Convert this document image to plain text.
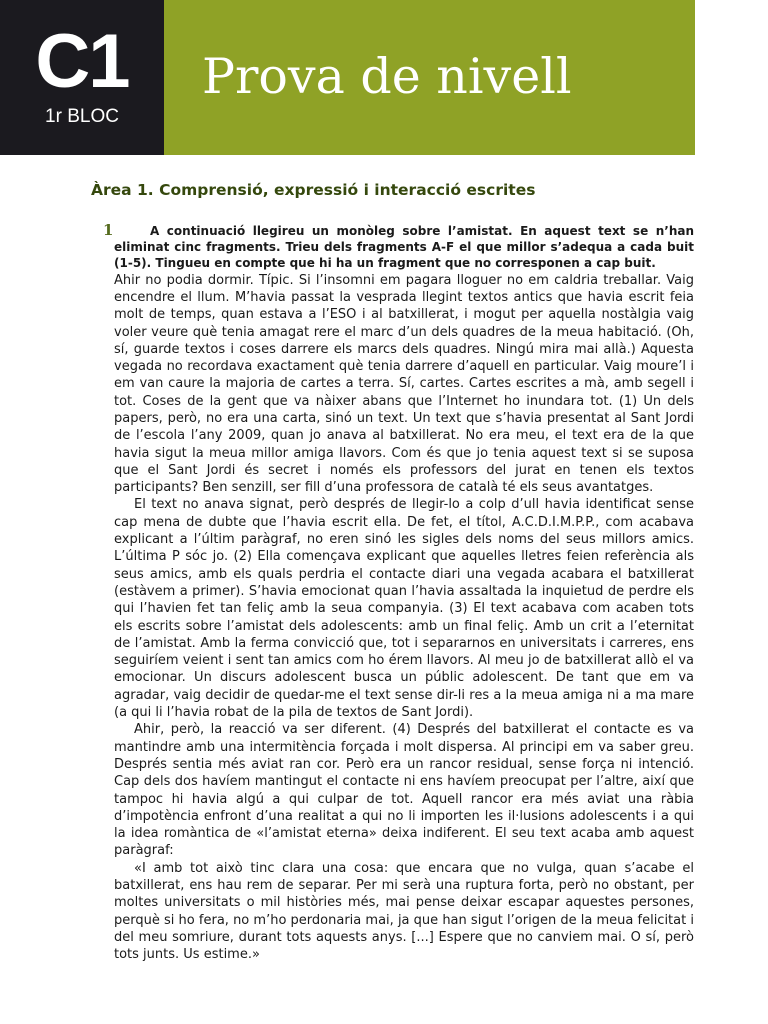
C1
1r BLOC
Prova de nivell
Àrea 1. Comprensió, expressió i interacció escrites
1	A continuació llegireu un monòleg sobre l’amistat. En aquest text se n’han eliminat cinc fragments. Trieu dels fragments A-F el que millor s’adequa a cada buit (1-5). Tingueu en compte que hi ha un fragment que no corresponen a cap buit.

Ahir no podia dormir. Típic. Si l’insomni em pagara lloguer no em caldria treballar. Vaig encendre el llum. M’havia passat la vesprada llegint textos antics que havia escrit feia molt de temps, quan estava a l’ESO i al batxillerat, i mogut per aquella nostàlgia vaig voler veure què tenia amagat rere el marc d’un dels quadres de la meua habitació. (Oh, sí, guarde textos i coses darrere els marcs dels quadres. Ningú mira mai allà.) Aquesta vegada no recordava exactament què tenia darrere d’aquell en particular. Vaig moure’l i em van caure la majoria de cartes a terra. Sí, cartes. Cartes escrites a mà, amb segell i tot. Coses de la gent que va nàixer abans que l’Internet ho inundara tot. (1) Un dels papers, però, no era una carta, sinó un text. Un text que s’havia presentat al Sant Jordi de l’escola l’any 2009, quan jo anava al batxillerat. No era meu, el text era de la que havia sigut la meua millor amiga llavors. Com és que jo tenia aquest text si se suposa que el Sant Jordi és secret i només els professors del jurat en tenen els textos participants? Ben senzill, ser fill d’una professora de català té els seus avantatges.

El text no anava signat, però després de llegir-lo a colp d’ull havia identificat sense cap mena de dubte que l’havia escrit ella. De fet, el títol, A.C.D.I.M.P.P., com acabava explicant a l’últim paràgraf, no eren sinó les sigles dels noms del seus millors amics. L’última P sóc jo. (2) Ella començava explicant que aquelles lletres feien referència als seus amics, amb els quals perdria el contacte diari una vegada acabara el batxillerat (estàvem a primer). S’havia emocionat quan l’havia assaltada la inquietud de perdre els qui l’havien fet tan feliç amb la seua companyia. (3) El text acabava com acaben tots els escrits sobre l’amistat dels adolescents: amb un final feliç. Amb un crit a l’eternitat de l’amistat. Amb la ferma convicció que, tot i separarnos en universitats i carreres, ens seguiríem veient i sent tan amics com ho érem llavors. Al meu jo de batxillerat allò el va emocionar. Un discurs adolescent busca un públic adolescent. De tant que em va agradar, vaig decidir de quedar-me el text sense dir-li res a la meua amiga ni a ma mare (a qui li l’havia robat de la pila de textos de Sant Jordi).

Ahir, però, la reacció va ser diferent. (4) Després del batxillerat el contacte es va mantindre amb una intermitència forçada i molt dispersa. Al principi em va saber greu. Després sentia més aviat ran cor. Però era un rancor residual, sense força ni intenció. Cap dels dos havíem mantingut el contacte ni ens havíem preocupat per l’altre, així que tampoc hi havia algú a qui culpar de tot. Aquell rancor era més aviat una ràbia d’impotència enfront d’una realitat a qui no li importen les il·lusions adolescents i a qui la idea romàntica de «l’amistat eterna» deixa indiferent. El seu text acaba amb aquest paràgraf:

«I amb tot això tinc clara una cosa: que encara que no vulga, quan s’acabe el batxillerat, ens hau rem de separar. Per mi serà una ruptura forta, però no obstant, per moltes universitats o mil històries més, mai pense deixar escapar aquestes persones, perquè si ho fera, no m’ho perdonaria mai, ja que han sigut l’origen de la meua felicitat i del meu somriure, durant tots aquests anys. [...] Espere que no canviem mai. O sí, però tots junts. Us estime.»
